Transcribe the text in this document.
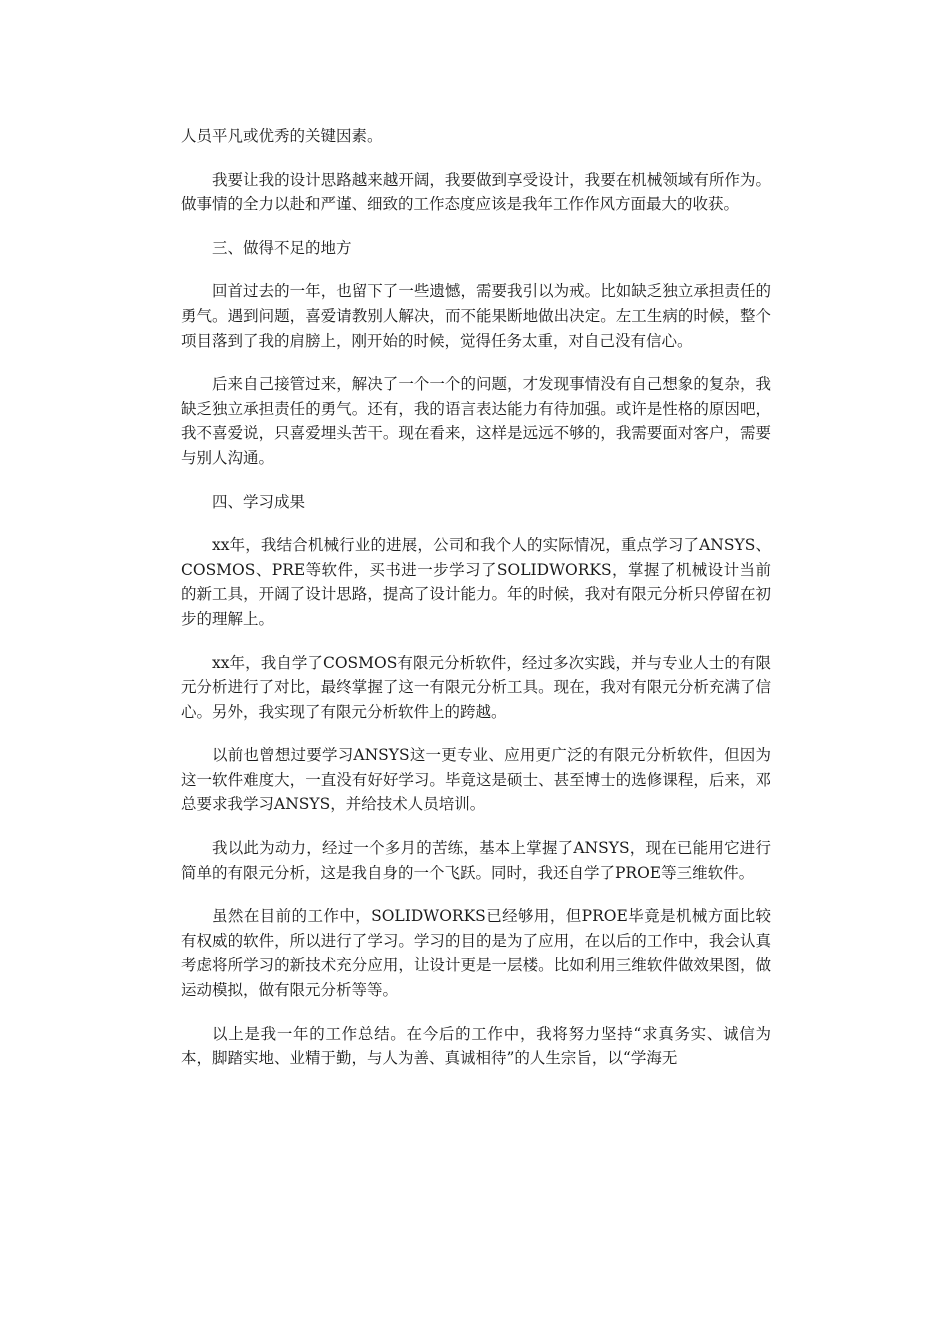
人员平凡或优秀的关键因素。

我要让我的设计思路越来越开阔，我要做到享受设计，我要在机械领域有所作为。做事情的全力以赴和严谨、细致的工作态度应该是我年工作作风方面最大的收获。

三、做得不足的地方

回首过去的一年，也留下了一些遗憾，需要我引以为戒。比如缺乏独立承担责任的勇气。遇到问题，喜爱请教别人解决，而不能果断地做出决定。左工生病的时候，整个项目落到了我的肩膀上，刚开始的时候，觉得任务太重，对自己没有信心。

后来自己接管过来，解决了一个一个的问题，才发现事情没有自己想象的复杂，我缺乏独立承担责任的勇气。还有，我的语言表达能力有待加强。或许是性格的原因吧，我不喜爱说，只喜爱埋头苦干。现在看来，这样是远远不够的，我需要面对客户，需要与别人沟通。

四、学习成果

xx年，我结合机械行业的进展，公司和我个人的实际情况，重点学习了ANSYS、COSMOS、PRE等软件，买书进一步学习了SOLIDWORKS，掌握了机械设计当前的新工具，开阔了设计思路，提高了设计能力。年的时候，我对有限元分析只停留在初步的理解上。

xx年，我自学了COSMOS有限元分析软件，经过多次实践，并与专业人士的有限元分析进行了对比，最终掌握了这一有限元分析工具。现在，我对有限元分析充满了信心。另外，我实现了有限元分析软件上的跨越。

以前也曾想过要学习ANSYS这一更专业、应用更广泛的有限元分析软件，但因为这一软件难度大，一直没有好好学习。毕竟这是硕士、甚至博士的选修课程，后来，邓总要求我学习ANSYS，并给技术人员培训。

我以此为动力，经过一个多月的苦练，基本上掌握了ANSYS，现在已能用它进行简单的有限元分析，这是我自身的一个飞跃。同时，我还自学了PROE等三维软件。

虽然在目前的工作中，SOLIDWORKS已经够用，但PROE毕竟是机械方面比较有权威的软件，所以进行了学习。学习的目的是为了应用，在以后的工作中，我会认真考虑将所学习的新技术充分应用，让设计更是一层楼。比如利用三维软件做效果图，做运动模拟，做有限元分析等等。

以上是我一年的工作总结。在今后的工作中，我将努力坚持“求真务实、诚信为本，脚踏实地、业精于勤，与人为善、真诚相待”的人生宗旨，以“学海无
